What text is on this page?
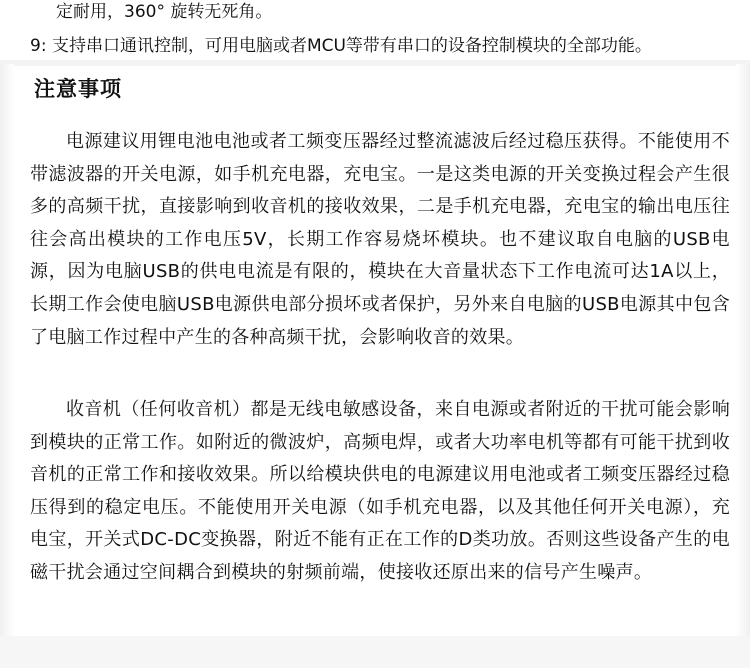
定耐用，360° 旋转无死角。
9: 支持串口通讯控制，可用电脑或者MCU等带有串口的设备控制模块的全部功能。
注意事项

电源建议用锂电池电池或者工频变压器经过整流滤波后经过稳压获得。不能使用不带滤波器的开关电源，如手机充电器，充电宝。一是这类电源的开关变换过程会产生很多的高频干扰，直接影响到收音机的接收效果，二是手机充电器，充电宝的输出电压往往会高出模块的工作电压5V，长期工作容易烧坏模块。也不建议取自电脑的USB电源，因为电脑USB的供电电流是有限的，模块在大音量状态下工作电流可达1A以上，长期工作会使电脑USB电源供电部分损坏或者保护，另外来自电脑的USB电源其中包含了电脑工作过程中产生的各种高频干扰，会影响收音的效果。

收音机（任何收音机）都是无线电敏感设备，来自电源或者附近的干扰可能会影响到模块的正常工作。如附近的微波炉，高频电焊，或者大功率电机等都有可能干扰到收音机的正常工作和接收效果。所以给模块供电的电源建议用电池或者工频变压器经过稳压得到的稳定电压。不能使用开关电源（如手机充电器，以及其他任何开关电源），充电宝，开关式DC-DC变换器，附近不能有正在工作的D类功放。否则这些设备产生的电磁干扰会通过空间耦合到模块的射频前端，使接收还原出来的信号产生噪声。
